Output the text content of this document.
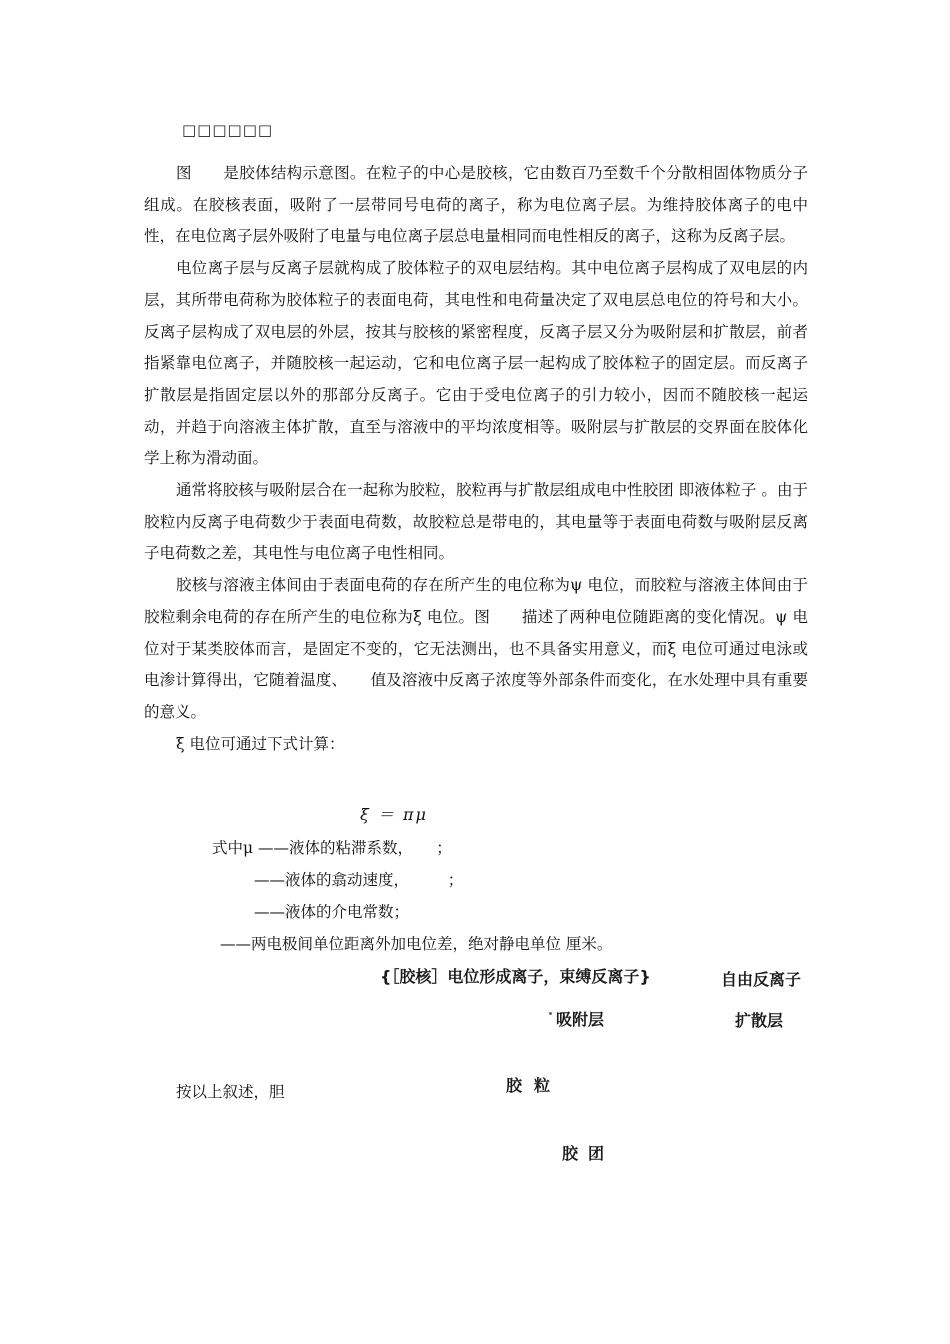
□□□□□□

图　　是胶体结构示意图。在粒子的中心是胶核，它由数百乃至数千个分散相固体物质分子组成。在胶核表面，吸附了一层带同号电荷的离子，称为电位离子层。为维持胶体离子的电中性，在电位离子层外吸附了电量与电位离子层总电量相同而电性相反的离子，这称为反离子层。

电位离子层与反离子层就构成了胶体粒子的双电层结构。其中电位离子层构成了双电层的内层，其所带电荷称为胶体粒子的表面电荷，其电性和电荷量决定了双电层总电位的符号和大小。反离子层构成了双电层的外层，按其与胶核的紧密程度，反离子层又分为吸附层和扩散层，前者指紧靠电位离子，并随胶核一起运动，它和电位离子层一起构成了胶体粒子的固定层。而反离子扩散层是指固定层以外的那部分反离子。它由于受电位离子的引力较小，因而不随胶核一起运动，并趋于向溶液主体扩散，直至与溶液中的平均浓度相等。吸附层与扩散层的交界面在胶体化学上称为滑动面。

通常将胶核与吸附层合在一起称为胶粒，胶粒再与扩散层组成电中性胶团 即液体粒子 。由于胶粒内反离子电荷数少于表面电荷数，故胶粒总是带电的，其电量等于表面电荷数与吸附层反离子电荷数之差，其电性与电位离子电性相同。

胶核与溶液主体间由于表面电荷的存在所产生的电位称为ψ 电位，而胶粒与溶液主体间由于胶粒剩余电荷的存在所产生的电位称为ξ 电位。图　　描述了两种电位随距离的变化情况。ψ 电位对于某类胶体而言，是固定不变的，它无法测出，也不具备实用意义，而ξ 电位可通过电泳或电渗计算得出，它随着温度、　　值及溶液中反离子浓度等外部条件而变化，在水处理中具有重要的意义。

ξ 电位可通过下式计算：

ξ ＝ πμ
式中μ ——液体的粘滞系数，　　；
——液体的翕动速度，　　　；
——液体的介电常数；
——两电极间单位距离外加电位差，绝对静电单位 厘米。
{［胶核］电位形成离子，束缚反离子}	自由反离子
吸附层	扩散层
胶粒
胶团
按以上叙述，胆
